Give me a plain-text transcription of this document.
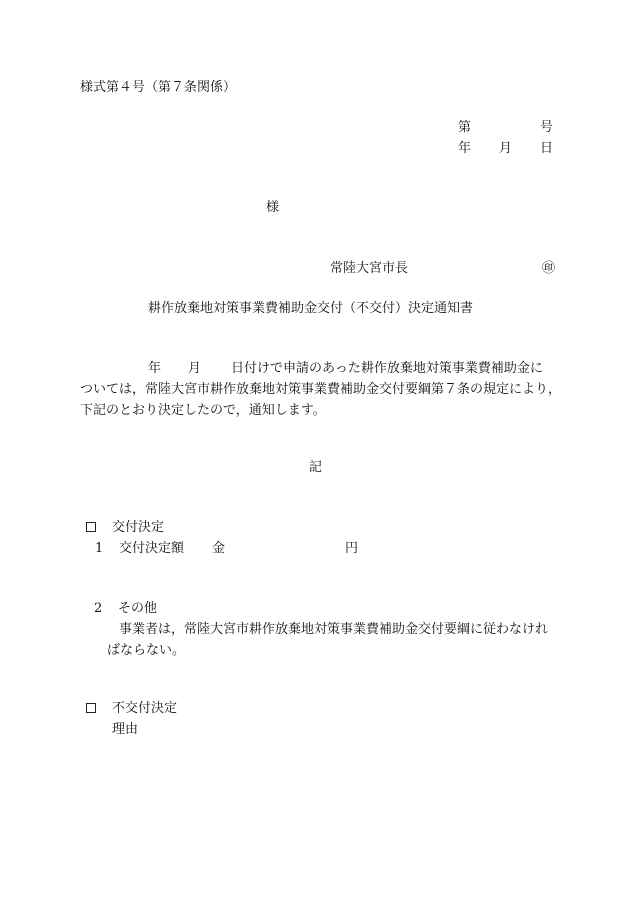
様式第４号（第７条関係）
第	号
年 月 日
様
常陸大宮市長	㊞
耕作放棄地対策事業費補助金交付（不交付）決定通知書
年 月 日付けで申請のあった耕作放棄地対策事業費補助金に
ついては，常陸大宮市耕作放棄地対策事業費補助金交付要綱第７条の規定により，
下記のとおり決定したので，通知します。
記
交付決定
1 交付決定額 金	円
2 その他
事業者は，常陸大宮市耕作放棄地対策事業費補助金交付要綱に従わなけれ
ばならない。
不交付決定
理由
